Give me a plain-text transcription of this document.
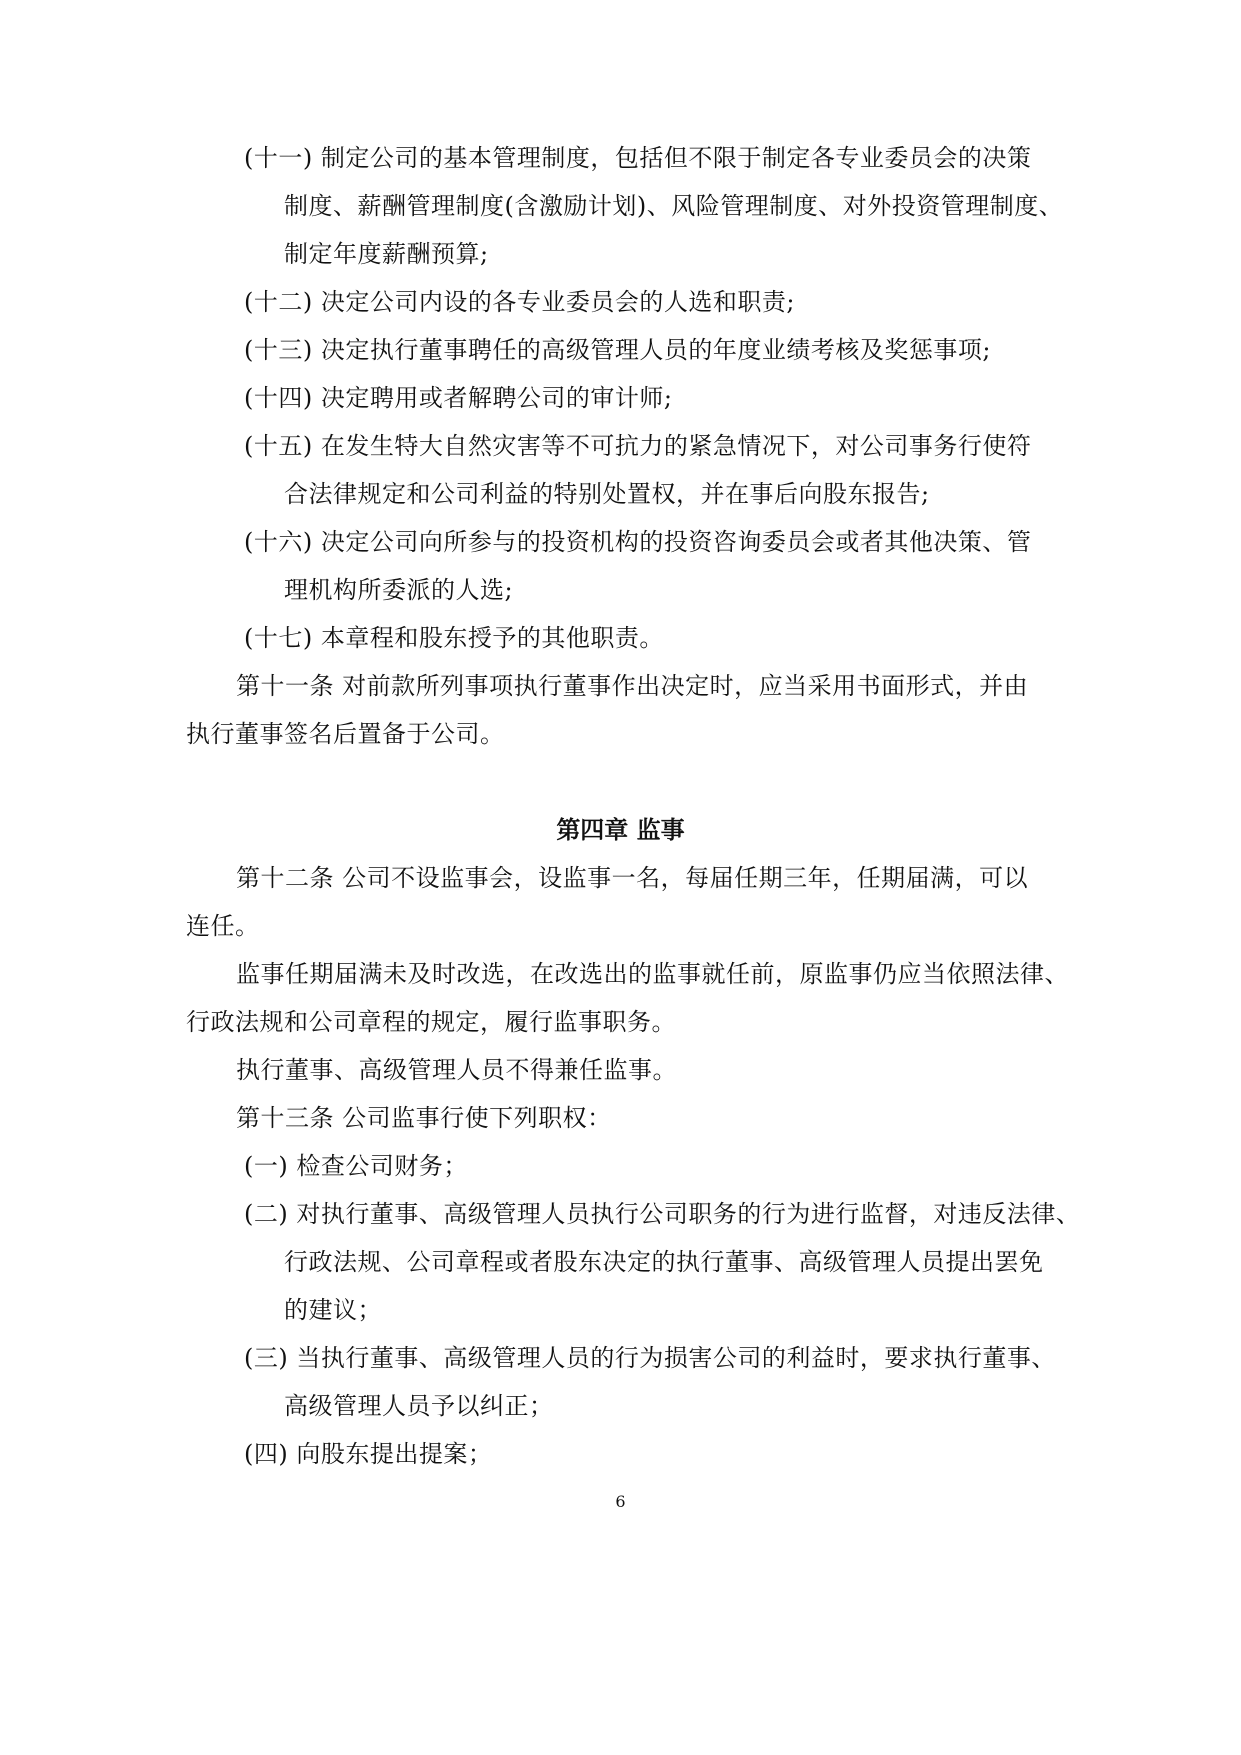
(十一) 制定公司的基本管理制度，包括但不限于制定各专业委员会的决策
制度、薪酬管理制度(含激励计划)、风险管理制度、对外投资管理制度、
制定年度薪酬预算;
(十二) 决定公司内设的各专业委员会的人选和职责;
(十三) 决定执行董事聘任的高级管理人员的年度业绩考核及奖惩事项;
(十四) 决定聘用或者解聘公司的审计师;
(十五) 在发生特大自然灾害等不可抗力的紧急情况下，对公司事务行使符
合法律规定和公司利益的特别处置权，并在事后向股东报告;
(十六) 决定公司向所参与的投资机构的投资咨询委员会或者其他决策、管
理机构所委派的人选;
(十七) 本章程和股东授予的其他职责。
第十一条 对前款所列事项执行董事作出决定时，应当采用书面形式，并由
执行董事签名后置备于公司。
第四章 监事
第十二条 公司不设监事会，设监事一名，每届任期三年，任期届满，可以
连任。
监事任期届满未及时改选，在改选出的监事就任前，原监事仍应当依照法律、
行政法规和公司章程的规定，履行监事职务。
执行董事、高级管理人员不得兼任监事。
第十三条 公司监事行使下列职权：
(一) 检查公司财务；
(二) 对执行董事、高级管理人员执行公司职务的行为进行监督，对违反法律、
行政法规、公司章程或者股东决定的执行董事、高级管理人员提出罢免
的建议；
(三) 当执行董事、高级管理人员的行为损害公司的利益时，要求执行董事、
高级管理人员予以纠正；
(四) 向股东提出提案；
6
